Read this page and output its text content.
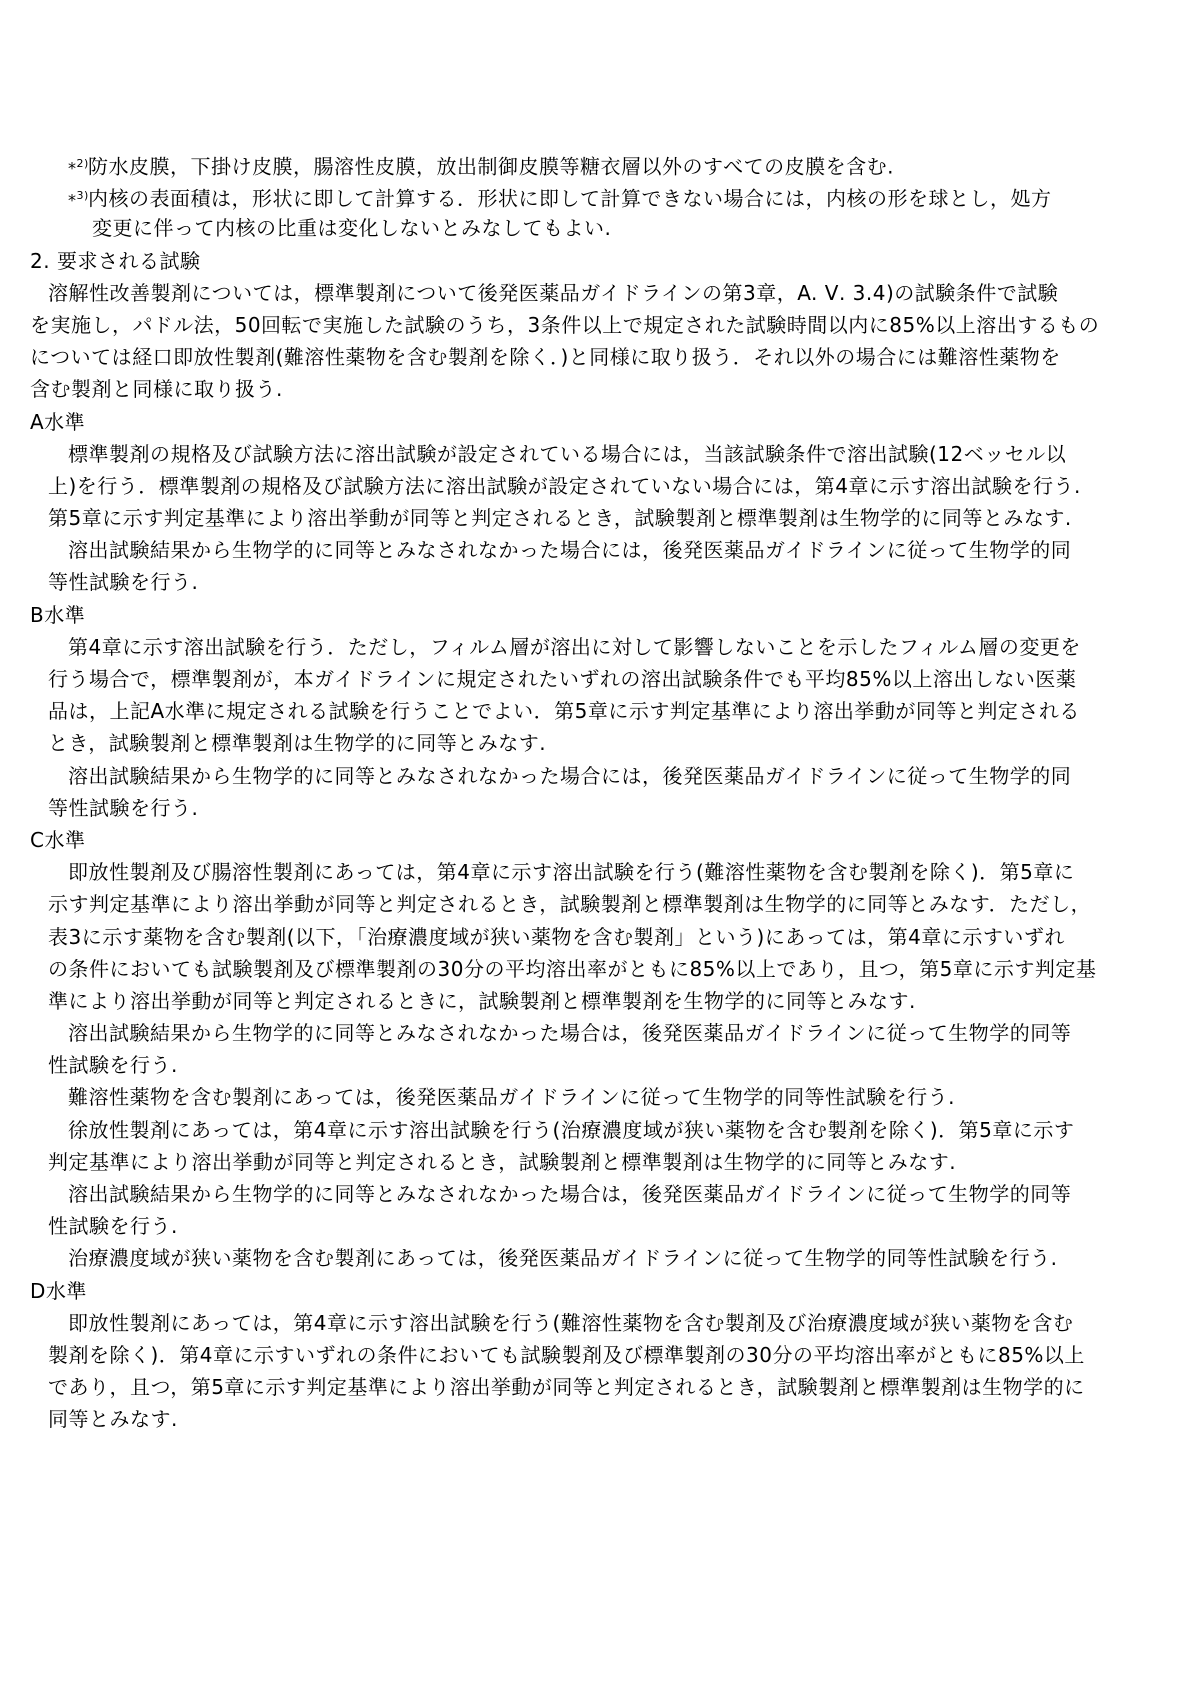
*$^{2)}$防水皮膜，下掛け皮膜，腸溶性皮膜，放出制御皮膜等糖衣層以外のすべての皮膜を含む.
*$^{3)}$内核の表面積は，形状に即して計算する．形状に即して計算できない場合には，内核の形を球とし，処方
変更に伴って内核の比重は変化しないとみなしてもよい.
2. 要求される試験
溶解性改善製剤については，標準製剤について後発医薬品ガイドラインの第3章，A. Ⅴ. 3.4)の試験条件で試験
を実施し，パドル法，50回転で実施した試験のうち，3条件以上で規定された試験時間以内に85%以上溶出するもの
については経口即放性製剤(難溶性薬物を含む製剤を除く．)と同様に取り扱う．それ以外の場合には難溶性薬物を
含む製剤と同様に取り扱う.
A水準
標準製剤の規格及び試験方法に溶出試験が設定されている場合には，当該試験条件で溶出試験(12ベッセル以
上)を行う．標準製剤の規格及び試験方法に溶出試験が設定されていない場合には，第4章に示す溶出試験を行う.
第5章に示す判定基準により溶出挙動が同等と判定されるとき，試験製剤と標準製剤は生物学的に同等とみなす.
溶出試験結果から生物学的に同等とみなされなかった場合には，後発医薬品ガイドラインに従って生物学的同
等性試験を行う.
B水準
第4章に示す溶出試験を行う．ただし，フィルム層が溶出に対して影響しないことを示したフィルム層の変更を
行う場合で，標準製剤が，本ガイドラインに規定されたいずれの溶出試験条件でも平均85%以上溶出しない医薬
品は，上記A水準に規定される試験を行うことでよい．第5章に示す判定基準により溶出挙動が同等と判定される
とき，試験製剤と標準製剤は生物学的に同等とみなす.
溶出試験結果から生物学的に同等とみなされなかった場合には，後発医薬品ガイドラインに従って生物学的同
等性試験を行う.
C水準
即放性製剤及び腸溶性製剤にあっては，第4章に示す溶出試験を行う(難溶性薬物を含む製剤を除く)．第5章に
示す判定基準により溶出挙動が同等と判定されるとき，試験製剤と標準製剤は生物学的に同等とみなす．ただし，
表3に示す薬物を含む製剤(以下，「治療濃度域が狭い薬物を含む製剤」という)にあっては，第4章に示すいずれ
の条件においても試験製剤及び標準製剤の30分の平均溶出率がともに85%以上であり，且つ，第5章に示す判定基
準により溶出挙動が同等と判定されるときに，試験製剤と標準製剤を生物学的に同等とみなす.
溶出試験結果から生物学的に同等とみなされなかった場合は，後発医薬品ガイドラインに従って生物学的同等
性試験を行う.
難溶性薬物を含む製剤にあっては，後発医薬品ガイドラインに従って生物学的同等性試験を行う.
徐放性製剤にあっては，第4章に示す溶出試験を行う(治療濃度域が狭い薬物を含む製剤を除く)．第5章に示す
判定基準により溶出挙動が同等と判定されるとき，試験製剤と標準製剤は生物学的に同等とみなす.
溶出試験結果から生物学的に同等とみなされなかった場合は，後発医薬品ガイドラインに従って生物学的同等
性試験を行う.
治療濃度域が狭い薬物を含む製剤にあっては，後発医薬品ガイドラインに従って生物学的同等性試験を行う.
D水準
即放性製剤にあっては，第4章に示す溶出試験を行う(難溶性薬物を含む製剤及び治療濃度域が狭い薬物を含む
製剤を除く)．第4章に示すいずれの条件においても試験製剤及び標準製剤の30分の平均溶出率がともに85%以上
であり，且つ，第5章に示す判定基準により溶出挙動が同等と判定されるとき，試験製剤と標準製剤は生物学的に
同等とみなす.
